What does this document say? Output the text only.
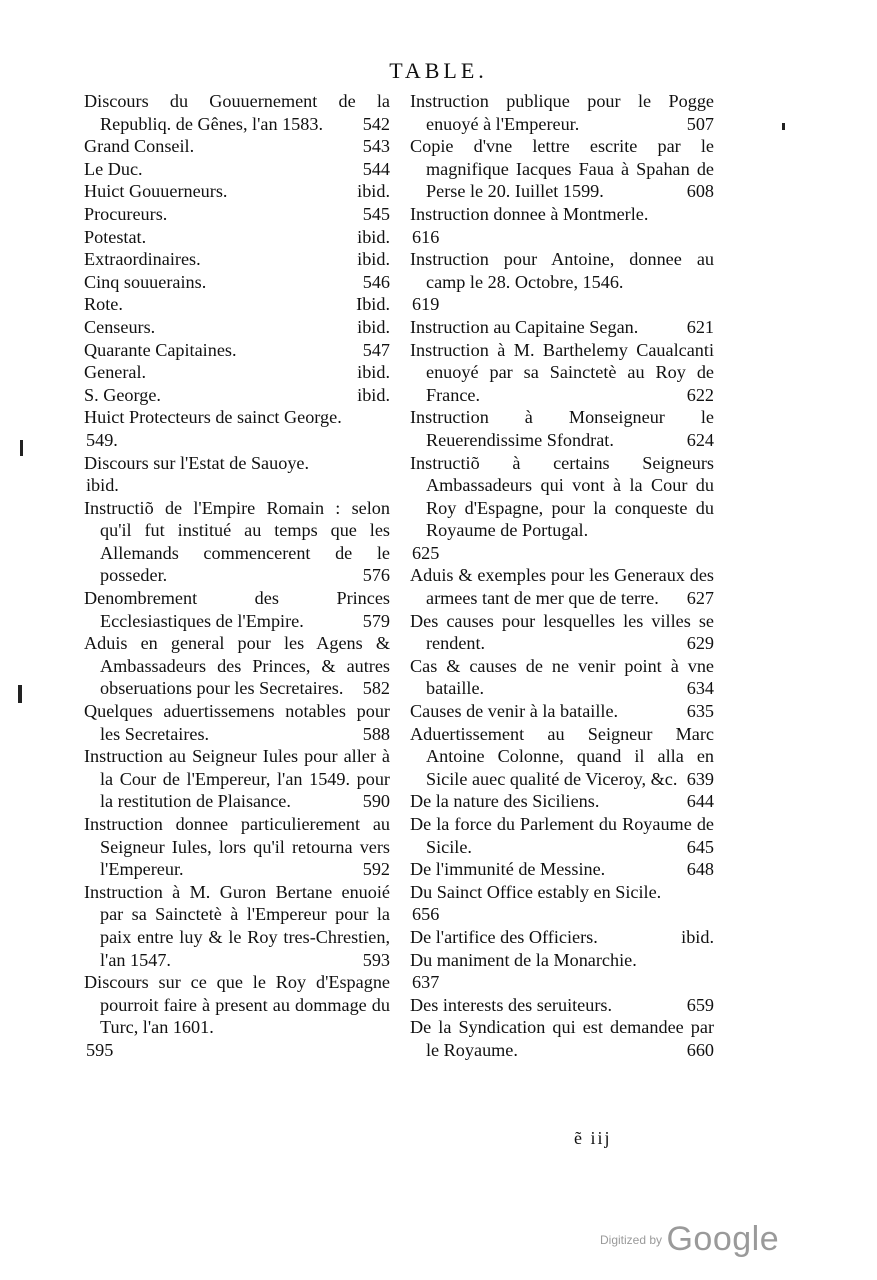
TABLE.
Discours du Gouuernement de la Republiq. de Gênes, l'an 1583.	542
Grand Conseil.	543
Le Duc.	544
Huict Gouuerneurs.	ibid.
Procureurs.	545
Potestat.	ibid.
Extraordinaires.	ibid.
Cinq souuerains.	546
Rote.	Ibid.
Censeurs.	ibid.
Quarante Capitaines.	547
General.	ibid.
S. George.	ibid.
Huict Protecteurs de sainct George.
549.
Discours sur l'Estat de Sauoye.
ibid.
Instructiõ de l'Empire Romain : selon qu'il fut institué au temps que les Allemands commencerent de le posseder.	576
Denombrement des Princes Ecclesiastiques de l'Empire.	579
Aduis en general pour les Agens & Ambassadeurs des Princes, & autres obseruations pour les Secretaires.	582
Quelques aduertissemens notables pour les Secretaires.	588
Instruction au Seigneur Iules pour aller à la Cour de l'Empereur, l'an 1549. pour la restitution de Plaisance.	590
Instruction donnee particulierement au Seigneur Iules, lors qu'il retourna vers l'Empereur.	592
Instruction à M. Guron Bertane enuoié par sa Sainctetè à l'Empereur pour la paix entre luy & le Roy tres-Chrestien, l'an 1547.	593
Discours sur ce que le Roy d'Espagne pourroit faire à present au dommage du Turc, l'an 1601.
595
Instruction publique pour le Pogge enuoyé à l'Empereur.	507
Copie d'vne lettre escrite par le magnifique Iacques Faua à Spahan de Perse le 20. Iuillet 1599.	608
Instruction donnee à Montmerle.
616
Instruction pour Antoine, donnee au camp le 28. Octobre, 1546.
619
Instruction au Capitaine Segan.	621
Instruction à M. Barthelemy Caualcanti enuoyé par sa Sainctetè au Roy de France.	622
Instruction à Monseigneur le Reuerendissime Sfondrat.	624
Instructiõ à certains Seigneurs Ambassadeurs qui vont à la Cour du Roy d'Espagne, pour la conqueste du Royaume de Portugal.
625
Aduis & exemples pour les Generaux des armees tant de mer que de terre.	627
Des causes pour lesquelles les villes se rendent.	629
Cas & causes de ne venir point à vne bataille.	634
Causes de venir à la bataille.	635
Aduertissement au Seigneur Marc Antoine Colonne, quand il alla en Sicile auec qualité de Viceroy, &c. 639
De la nature des Siciliens.	644
De la force du Parlement du Royaume de Sicile.	645
De l'immunité de Messine.	648
Du Sainct Office estably en Sicile.
656
De l'artifice des Officiers.	ibid.
Du maniment de la Monarchie.
637
Des interests des seruiteurs.	659
De la Syndication qui est demandee par le Royaume.	660
ẽ iij
$^{Digitized by}$ Google
